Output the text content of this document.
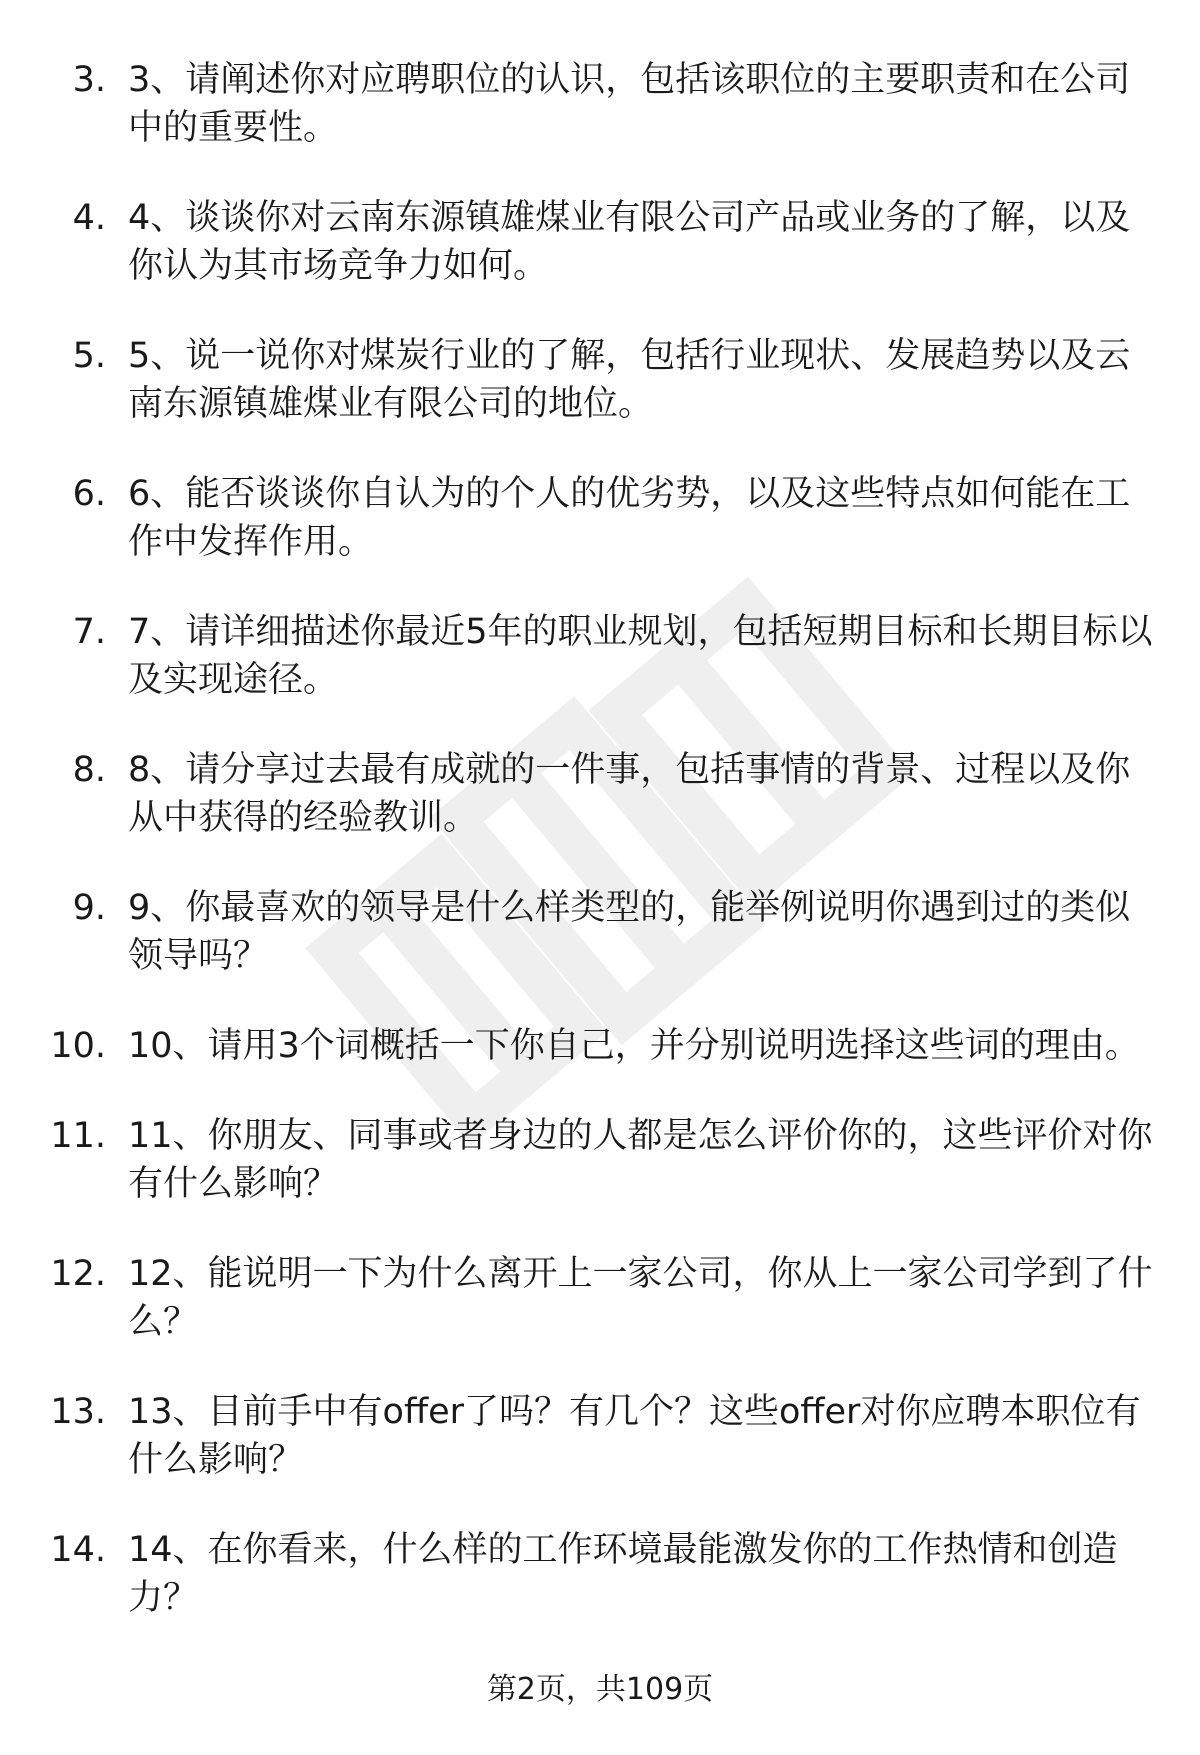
3. 3、请阐述你对应聘职位的认识，包括该职位的主要职责和在公司中的重要性。
4. 4、谈谈你对云南东源镇雄煤业有限公司产品或业务的了解，以及你认为其市场竞争力如何。
5. 5、说一说你对煤炭行业的了解，包括行业现状、发展趋势以及云南东源镇雄煤业有限公司的地位。
6. 6、能否谈谈你自认为的个人的优劣势，以及这些特点如何能在工作中发挥作用。
7. 7、请详细描述你最近5年的职业规划，包括短期目标和长期目标以及实现途径。
8. 8、请分享过去最有成就的一件事，包括事情的背景、过程以及你从中获得的经验教训。
9. 9、你最喜欢的领导是什么样类型的，能举例说明你遇到过的类似领导吗？
10. 10、请用3个词概括一下你自己，并分别说明选择这些词的理由。
11. 11、你朋友、同事或者身边的人都是怎么评价你的，这些评价对你有什么影响？
12. 12、能说明一下为什么离开上一家公司，你从上一家公司学到了什么？
13. 13、目前手中有offer了吗？有几个？这些offer对你应聘本职位有什么影响？
14. 14、在你看来，什么样的工作环境最能激发你的工作热情和创造力？
第2页，共109页
